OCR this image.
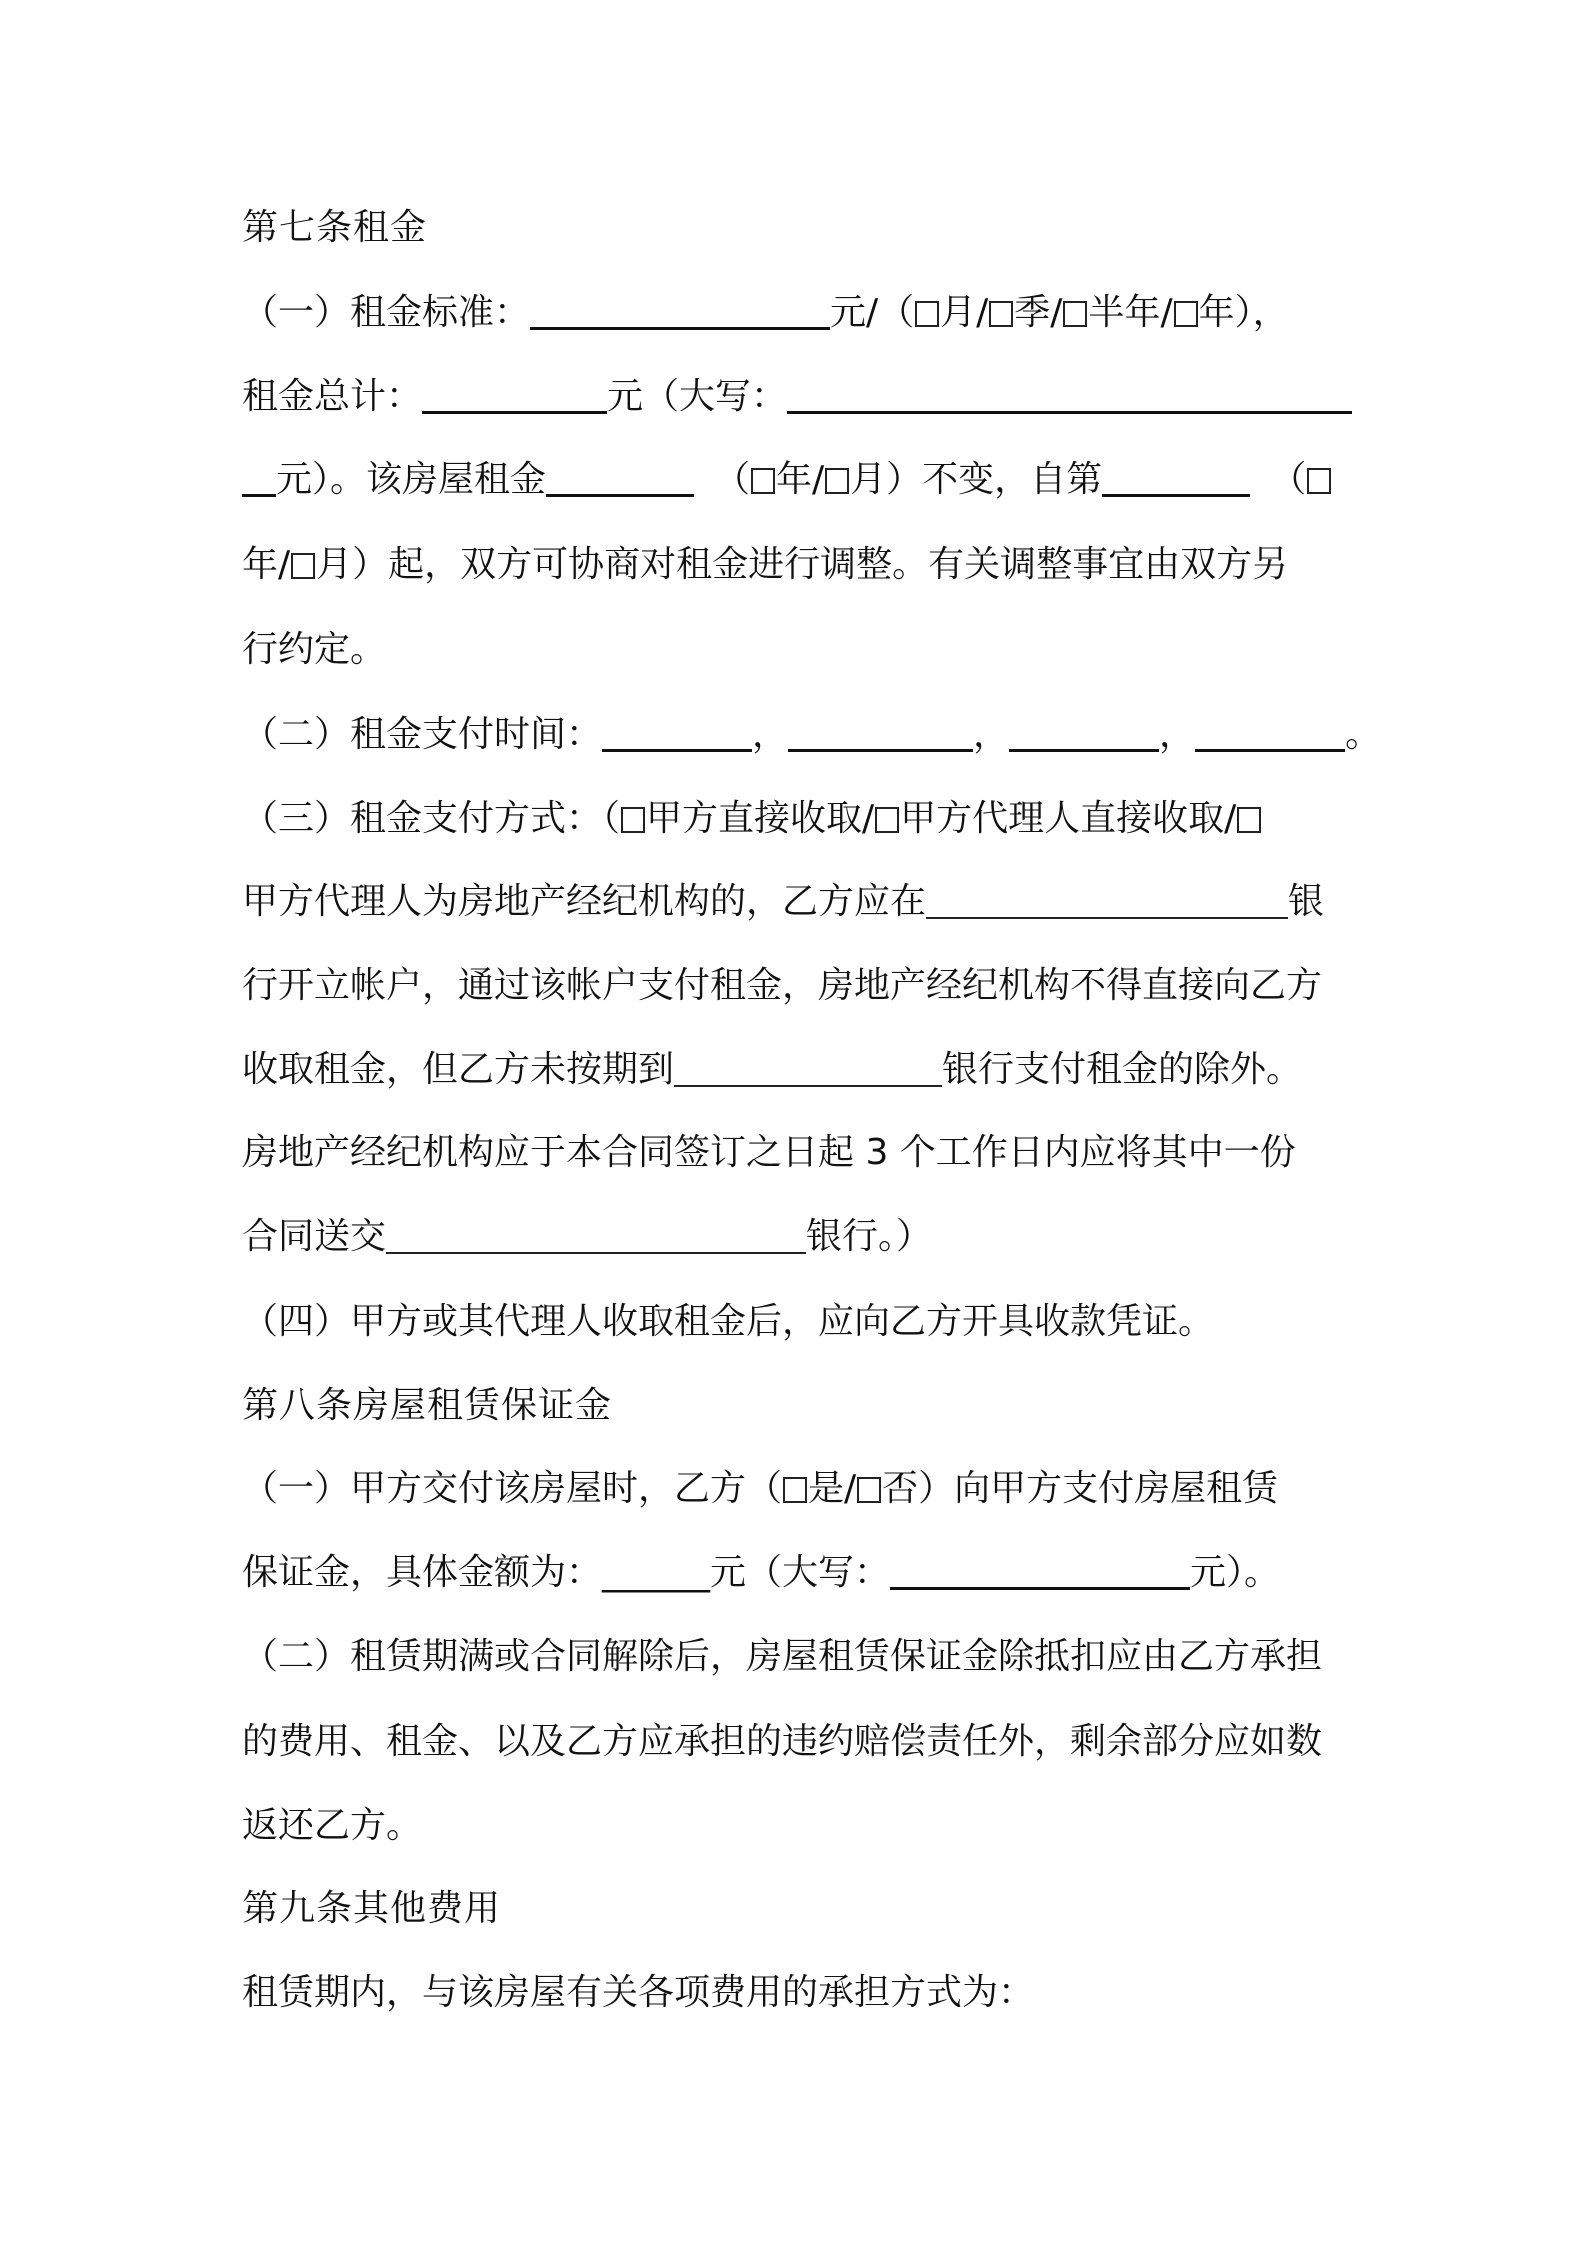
第七条租金
（一）租金标准：	元/（ 月/ 季/ 半年/ 年），
租金总计：	元（大写：
元）。该房屋租金	（ 年/ 月）不变，自第	（
年/ 月）起，双方可协商对租金进行调整。有关调整事宜由双方另
行约定。
（二）租金支付时间：	，	，	，	。
（三）租金支付方式：（ 甲方直接收取/ 甲方代理人直接收取/
甲方代理人为房地产经纪机构的，乙方应在	银
行开立帐户，通过该帐户支付租金，房地产经纪机构不得直接向乙方
收取租金，但乙方未按期到	银行支付租金的除外。
房地产经纪机构应于本合同签订之日起 3 个工作日内应将其中一份
合同送交	银行。）
（四）甲方或其代理人收取租金后，应向乙方开具收款凭证。
第八条房屋租赁保证金
（一）甲方交付该房屋时，乙方（ 是/ 否）向甲方支付房屋租赁
保证金，具体金额为：______元（大写：	元）。
（二）租赁期满或合同解除后，房屋租赁保证金除抵扣应由乙方承担
的费用、租金、以及乙方应承担的违约赔偿责任外，剩余部分应如数
返还乙方。
第九条其他费用
租赁期内，与该房屋有关各项费用的承担方式为：
